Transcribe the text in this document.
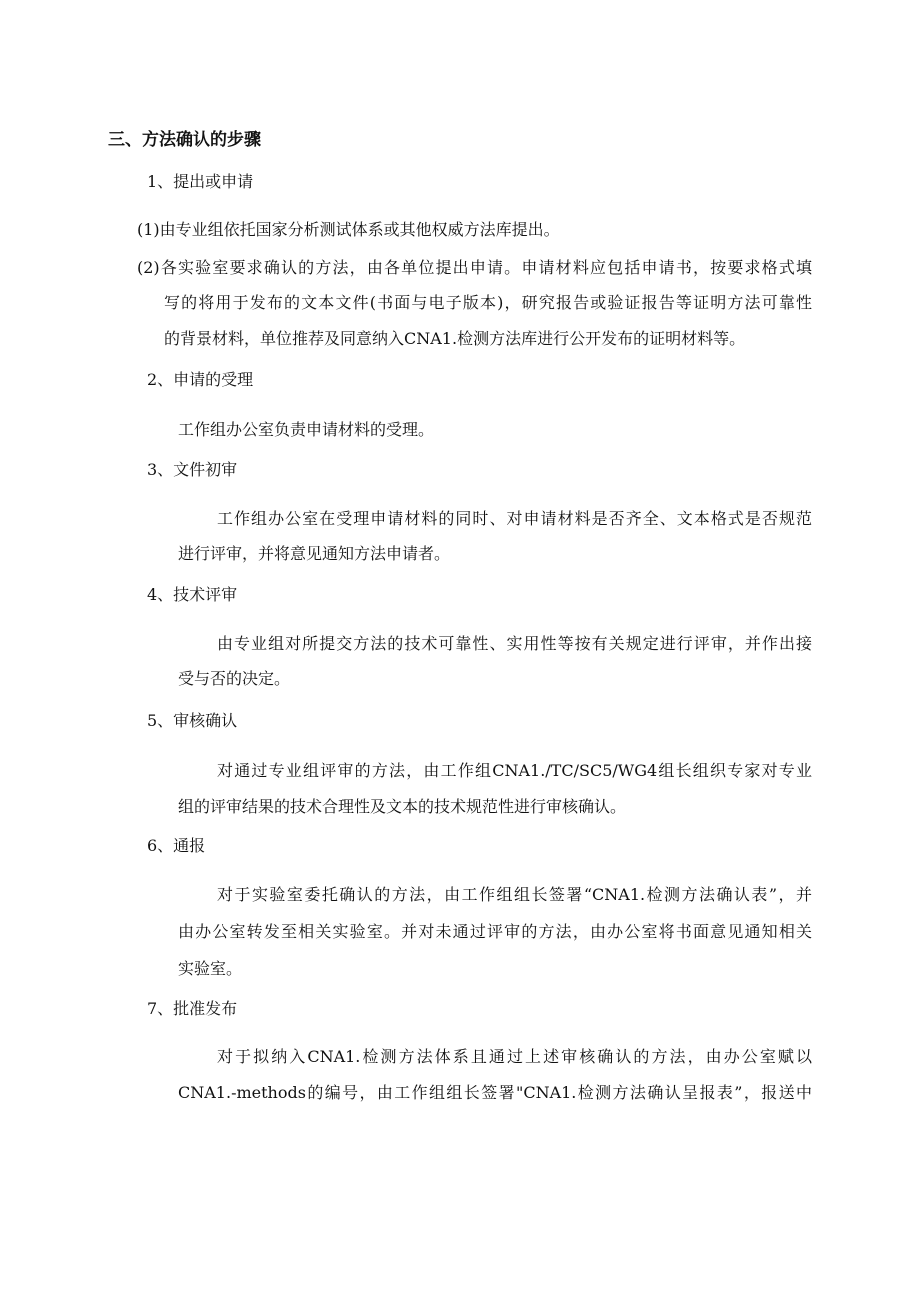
三、方法确认的步骤
1、提出或申请
(1)由专业组依托国家分析测试体系或其他权威方法库提出。
(2)各实验室要求确认的方法，由各单位提出申请。申请材料应包括申请书，按要求格式填
写的将用于发布的文本文件(书面与电子版本)，研究报告或验证报告等证明方法可靠性
的背景材料，单位推荐及同意纳入CNA1.检测方法库进行公开发布的证明材料等。
2、申请的受理
工作组办公室负责申请材料的受理。
3、文件初审
工作组办公室在受理申请材料的同时、对申请材料是否齐全、文本格式是否规范
进行评审，并将意见通知方法申请者。
4、技术评审
由专业组对所提交方法的技术可靠性、实用性等按有关规定进行评审，并作出接
受与否的决定。
5、审核确认
对通过专业组评审的方法，由工作组CNA1./TC/SC5/WG4组长组织专家对专业
组的评审结果的技术合理性及文本的技术规范性进行审核确认。
6、通报
对于实验室委托确认的方法，由工作组组长签署“CNA1.检测方法确认表”，并
由办公室转发至相关实验室。并对未通过评审的方法，由办公室将书面意见通知相关
实验室。
7、批准发布
对于拟纳入CNA1.检测方法体系且通过上述审核确认的方法，由办公室赋以
CNA1.-methods的编号，由工作组组长签署"CNA1.检测方法确认呈报表”，报送中
